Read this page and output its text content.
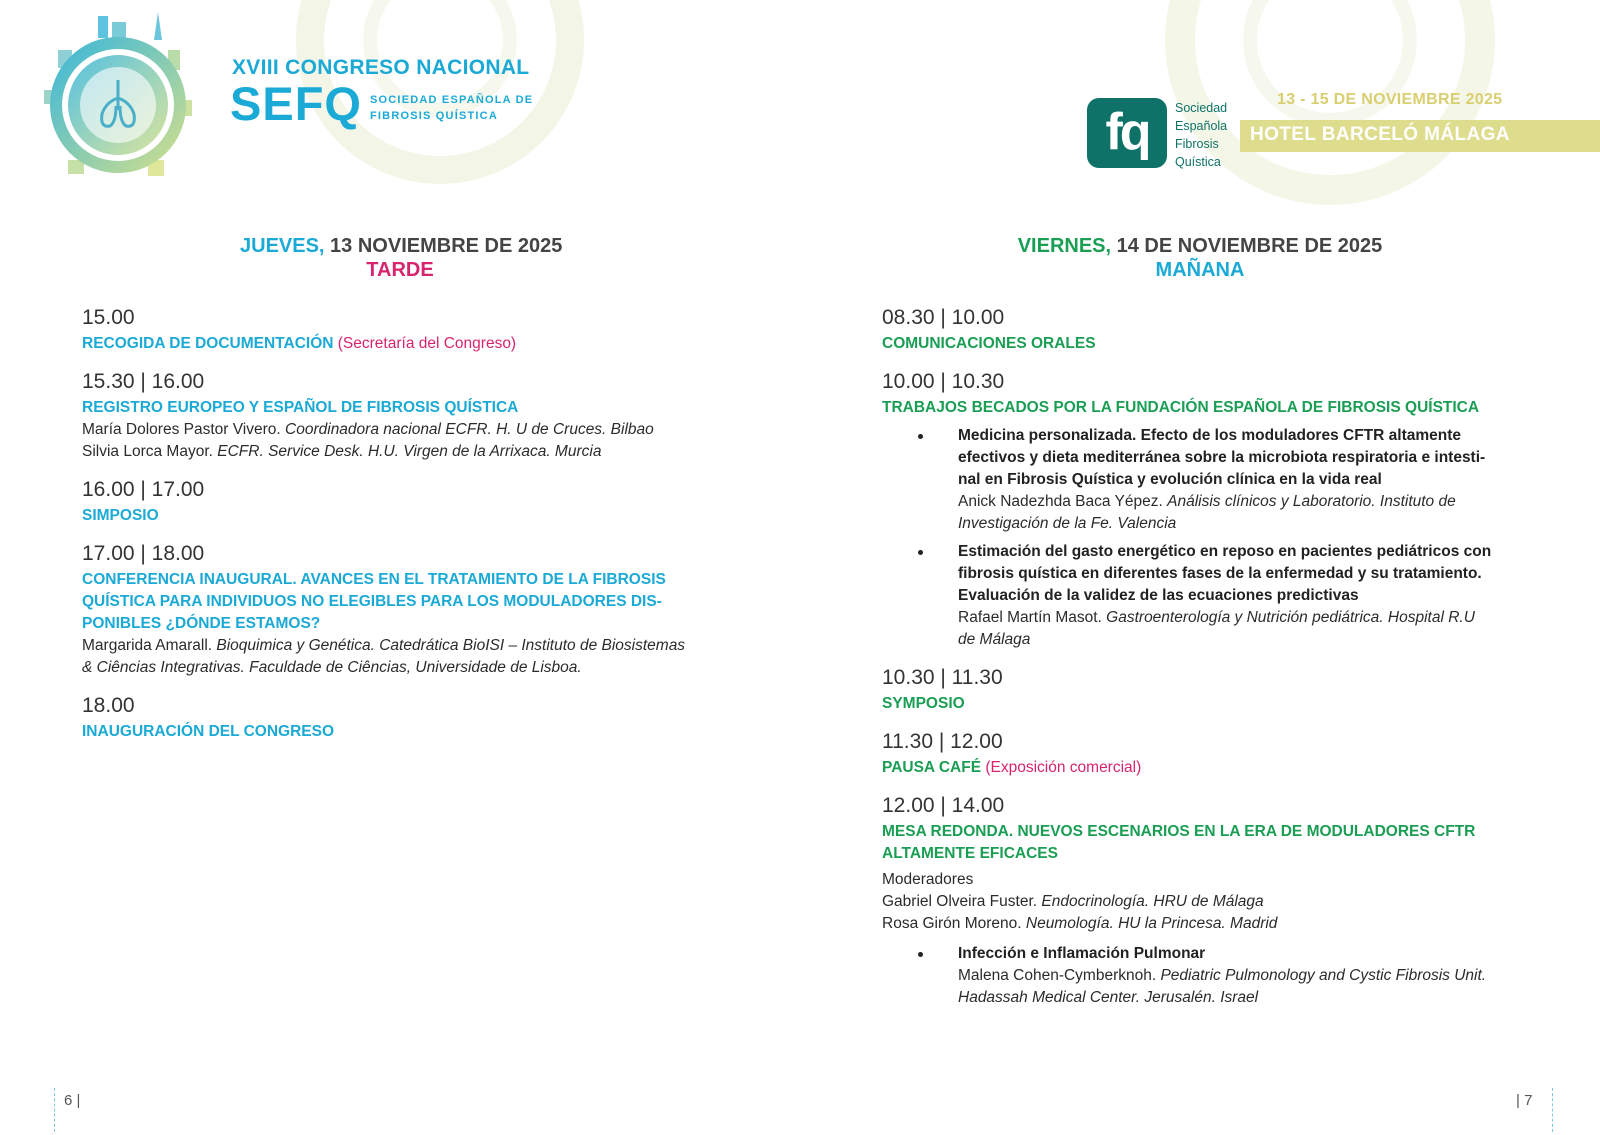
XVIII CONGRESO NACIONAL
SEFQ SOCIEDAD ESPAÑOLA DE
FIBROSIS QUÍSTICA	fq	Sociedad
Española
Fibrosis
Quística
13 - 15 DE NOVIEMBRE 2025
HOTEL BARCELÓ MÁLAGA
JUEVES, 13 NOVIEMBRE DE 2025
TARDE
VIERNES, 14 DE NOVIEMBRE DE 2025
MAÑANA

15.00

RECOGIDA DE DOCUMENTACIÓN (Secretaría del Congreso)

15.30 | 16.00

REGISTRO EUROPEO Y ESPAÑOL DE FIBROSIS QUÍSTICA

María Dolores Pastor Vivero. Coordinadora nacional ECFR. H. U de Cruces. Bilbao

Silvia Lorca Mayor. ECFR. Service Desk. H.U. Virgen de la Arrixaca. Murcia

16.00 | 17.00

SIMPOSIO

17.00 | 18.00

CONFERENCIA INAUGURAL. AVANCES EN EL TRATAMIENTO DE LA FIBROSIS
QUÍSTICA PARA INDIVIDUOS NO ELEGIBLES PARA LOS MODULADORES DIS-
PONIBLES ¿DÓNDE ESTAMOS?

Margarida Amarall. Bioquimica y Genética. Catedrática BioISI – Instituto de Biosistemas

& Ciências Integrativas. Faculdade de Ciências, Universidade de Lisboa.

18.00

INAUGURACIÓN DEL CONGRESO

08.30 | 10.00

COMUNICACIONES ORALES

10.00 | 10.30

TRABAJOS BECADOS POR LA FUNDACIÓN ESPAÑOLA DE FIBROSIS QUÍSTICA

Medicina personalizada. Efecto de los moduladores CFTR altamente
efectivos y dieta mediterránea sobre la microbiota respiratoria e intesti-
nal en Fibrosis Quística y evolución clínica en la vida real

Anick Nadezhda Baca Yépez. Análisis clínicos y Laboratorio. Instituto de

Investigación de la Fe. Valencia

Estimación del gasto energético en reposo en pacientes pediátricos con
fibrosis quística en diferentes fases de la enfermedad y su tratamiento.
Evaluación de la validez de las ecuaciones predictivas

Rafael Martín Masot. Gastroenterología y Nutrición pediátrica. Hospital R.U

de Málaga

10.30 | 11.30

SYMPOSIO

11.30 | 12.00

PAUSA CAFÉ (Exposición comercial)

12.00 | 14.00

MESA REDONDA. NUEVOS ESCENARIOS EN LA ERA DE MODULADORES CFTR
ALTAMENTE EFICACES

Moderadores

Gabriel Olveira Fuster. Endocrinología. HRU de Málaga

Rosa Girón Moreno. Neumología. HU la Princesa. Madrid

Infección e Inflamación Pulmonar

Malena Cohen-Cymberknoh. Pediatric Pulmonology and Cystic Fibrosis Unit.

Hadassah Medical Center. Jerusalén. Israel

6 |	| 7
